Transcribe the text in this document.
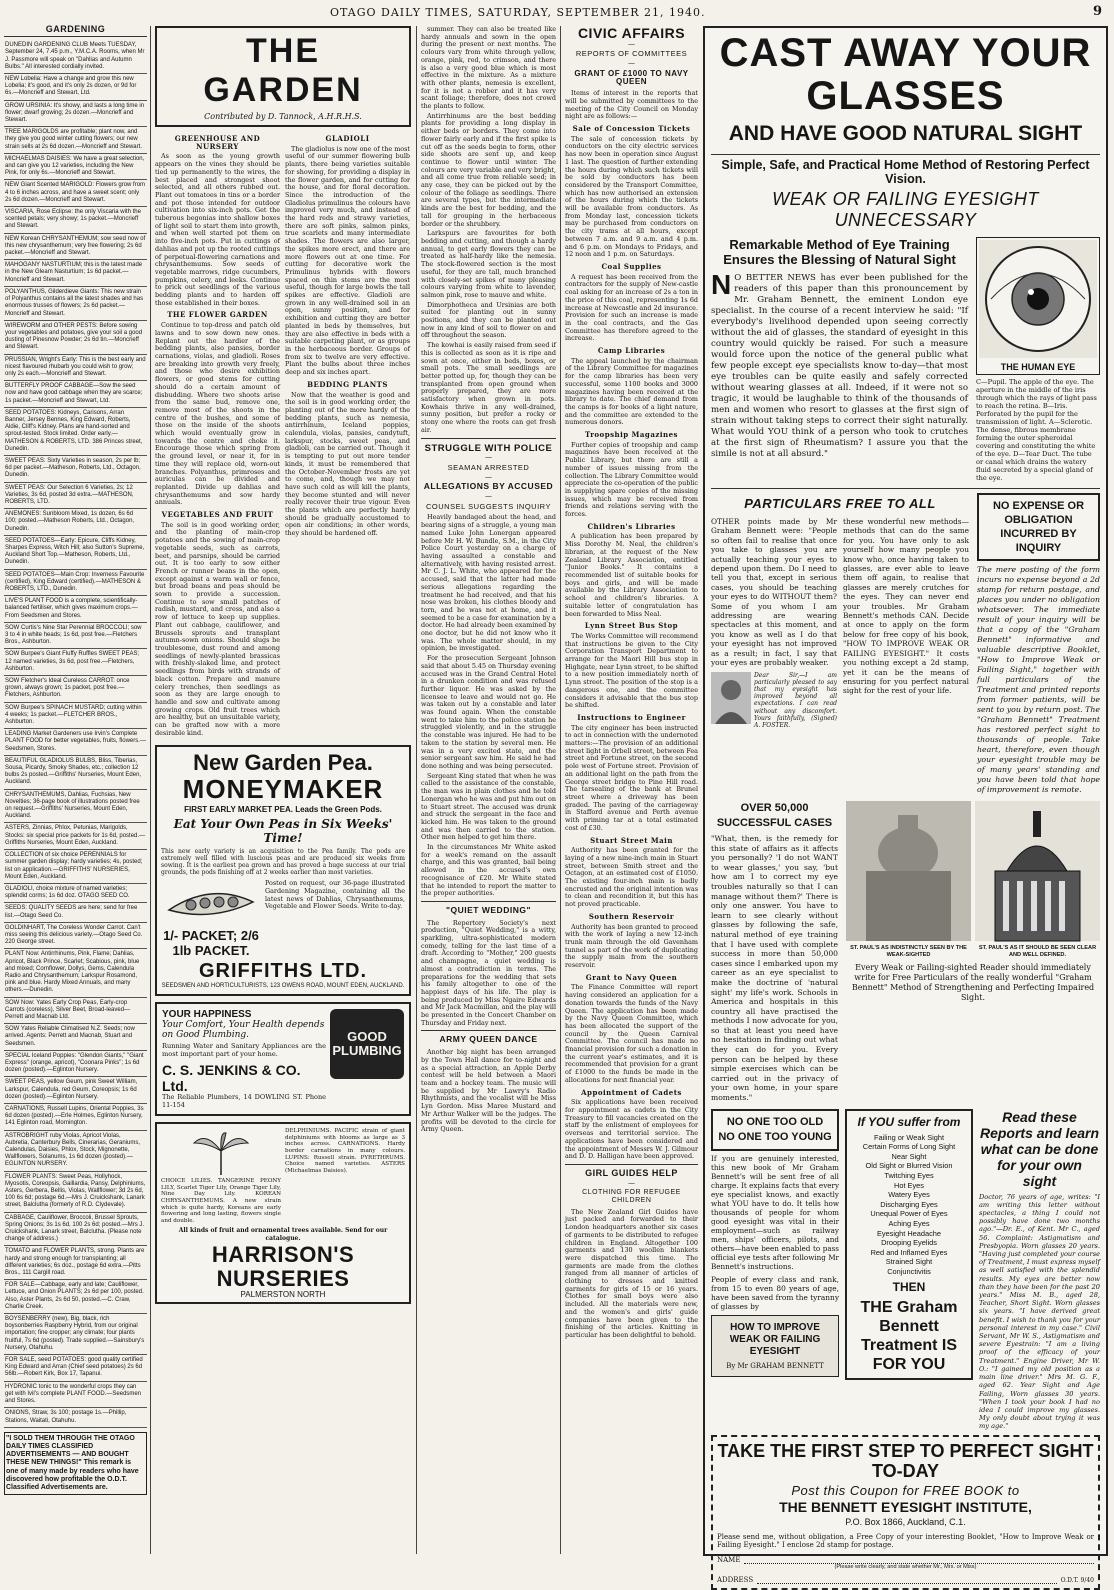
OTAGO DAILY TIMES, SATURDAY, SEPTEMBER 21, 1940.	9
GARDENING
DUNEDIN GARDENING CLUB Meets TUESDAY, September 24, 7.45 p.m., Y.M.C.A. Rooms, when Mr J. Passmore will speak on "Dahlias and Autumn Bulbs." All interested cordially invited.
NEW Lobelia: Have a change and grow this new Lobelia; it's good, and it's only 2s dozen, or 9d for 6s.—Moncrieff and Stewart, Ltd.
GROW URSINIA: It's showy, and lasts a long time in flower; dwarf growing; 2s dozen.—Moncrieff and Stewart.
TREE MARIGOLDS are profitable; plant now, and they give you good winter cutting flowers; our new strain sells at 2s 6d dozen.—Moncrieff and Stewart.
MICHAELMAS DAISIES: We have a great selection, and can give you 12 varieties, including the New Pink, for only 6s.—Moncrieff and Stewart.
NEW Giant Scented MARIGOLD: Flowers grow from 4 to 6 inches across, and have a sweet scent; only 2s 6d dozen.—Moncrieff and Stewart.
VISCARIA, Rose Eclipse: the only Viscaria with the scented petals; very showy; 1s packet.—Moncrieff and Stewart.
NEW Korean CHRYSANTHEMUM; sow seed now of this new chrysanthemum; very free flowering; 2s 6d packet.—Moncrieff and Stewart.
MAHOGANY NASTURTIUM; this is the latest made in the New Gleam Nasturtium; 1s 6d packet.—Moncrieff and Stewart.
POLYANTHUS, Gilderdieve Giants: This new strain of Polyanthus contains all the latest shades and has enormous trusses of flowers; 2s 6d packet.—Moncrieff and Stewart.
WIREWORM and OTHER PESTS: Before sowing your vegetables and potatoes, give your soil a good dusting of Pinesnow Powder; 2s 6d tin.—Moncrieff and Stewart.
PRUSSIAN, Wright's Early: This is the best early and nicest flavoured rhubarb you could wish to grow; only 2s each.—Moncrieff and Stewart.
BUTTERFLY PROOF CABBAGE—Sow the seed now and have good cabbage when they are scarce; 1s packet.—Moncrieff and Stewart, Ltd.
SEED POTATOES: Kidneys, Carisons, Arran Banner, Jersey Bennes, King Edward, Roberts, Aldie, Cliff's Kidney. Plans are hand-sorted and sprout-tested. Stock limited. Order early.—MATHESON & ROBERTS, LTD. 386 Princes street, Dunedin.
SWEET PEAS: Sixty Varieties in season, 2s per lb; 6d per packet.—Matheson, Roberts, Ltd., Octagon, Dunedin.
SWEET PEAS: Our Selection 6 Varieties, 2s; 12 Varieties, 3s 6d, posted 3d extra.—MATHESON, ROBERTS, LTD.
ANEMONES: Sunbloom Mixed, 1s dozen, 6s 6d 100; posted.—Matheson Roberts, Ltd., Octagon, Dunedin.
SEED POTATOES—Early: Epicure, Cliffs Kidney, Sharpes Express, Witch Hill; also Sutton's Supreme, Auckland Short Top.—Matheson, Roberts, Ltd., Dunedin.
SEED POTATOES—Main Crop: Inverness Favourite (certified), King Edward (certified).—MATHESON & ROBERTS, LTD., Dunedin.
LIVE'S PLANT FOOD is a complete, scientifically-balanced fertiliser, which gives maximum crops.—From Seedsmen and Stores.
SOW Curtis's Nine Star Perennial BROCCOLI; sow 3 to 4 in white heads; 1s 6d, post free.—Fletchers Bros., Ashburton.
SOW Burpee's Giant Fluffy Ruffles SWEET PEAS; 12 named varieties, 3s 6d, post free.—Fletchers, Ashburton.
SOW Fletcher's Ideal Cureless CARROT: once grown, always grown; 1s packet, post free.—Fletchers, Ashburton.
SOW Burpee's SPINACH MUSTARD; cutting within 4 weeks; 1s packet.—FLETCHER BROS., Ashburton.
LEADING Market Gardeners use Irvin's Complete PLANT FOOD for better vegetables, fruits, flowers.—Seedsmen, Stores.
BEAUTIFUL GLADIOLUS BULBS, Bliss, Tiberias, Sousa, Picardy, Smoky Shades, etc.; collection 12 bulbs 2s posted.—Griffiths' Nurseries, Mount Eden, Auckland.
CHRYSANTHEMUMS, Dahlias, Fuchsias, New Novelties; 36-page book of illustrations posted free on request.—Griffiths' Nurseries, Mount Eden, Auckland.
ASTERS, Zinnias, Phlox, Petunias, Marigolds, Stocks: six special price packets for 1s 6d, posted.—Griffiths Nurseries, Mount Eden, Auckland.
COLLECTION of six choice PERENNIALS for summer garden display; hardy varieties; 4s, posted; list on application.—GRIFFITHS' NURSERIES, Mount Eden, Auckland.
GLADIOLI, choice mixture of named varieties; splendid corms; 1s 6d doz. OTAGO SEED CO.
SEEDS: QUALITY SEEDS are here; send for free list.—Otago Seed Co.
GOLDINHART, The Coreless Wonder Carrot. Can't miss seeing this delicious variety.—Otago Seed Co. 220 George street.
PLANT Now: Antirrhinums, Pink, Flame; Dahlias, Apricot, Black Prince, Scarlet; Scabious, pink, blue and mixed; Cornflower, Dollys, Gems, Calendula Radio and Chrysanthemum; Larkspur Rosamond, pink and blue. Hardy Mixed Annuals, and many others.—Dunedin.
SOW Now: Yates Early Crop Peas, Early-crop Carrots (coreless), Silver Beet, Broad-leaved—Perrett and Macnab Ltd.
SOW Yates Reliable Climatised N.Z. Seeds; now arrived. Agents: Perrett and Macnab, Stuart and Seedsmen.
SPECIAL Iceland Poppies: "Glendon Giants," "Giant Express" (orange, apricot), "Coonara Pinks"; 1s 6d dozen (posted).—Eglinton Nursery.
SWEET PEAS, yellow Geum, pink Sweet William, Larkspur, Calendula, red Geum, Coreopsis; 1s 6d dozen (posted).—Eglinton Nursery.
CARNATIONS, Russell Lupins, Oriental Poppies, 3s 6d dozen (posted).—Erle Holmes, Eglinton Nursery, 141 Eglinton road, Mornington.
ASTROBRIGHT ruby Violas, Apricot Violas, Aubretia, Canterbury Bells, Cinerarias, Geraniums, Calendulas, Daisies, Phlox, Stock, Mignonette, Wallflowers, Solanums, 1s 6d dozen (posted).—EGLINTON NURSERY.
FLOWER PLANTS: Sweet Peas, Hollyhock, Myosotis, Coreopsis, Gaillardia, Pansy, Delphiniums, Asters, Gerbera, Bellis, Violas, Wallflower; 3d 2s 6d, 100 6s 6d; postage 6d.—Mrs J. Cruickshank, Lanark street, Balclutha (formerly of R.D. Clydevale).
CABBAGE, Cauliflower, Broccoli, Brussel Sprouts, Spring Onions; 3s 1s 6d, 100 2s 6d; posted.—Mrs J. Cruickshank, Lanark street, Balclutha. (Please note change of address.)
TOMATO and FLOWER PLANTS, strong. Plants are hardy and strong enough for transplanting; all different varieties; 6s doz., postage 6d extra.—Pitts Bros., 111 Cargill road.
FOR SALE—Cabbage, early and late; Cauliflower, Lettuce, and Onion PLANTS; 2s 6d per 100, posted. Also, Aster Plants, 2s 6d 50, posted.—C. Craw, Charlie Creek.
BOYSENBERRY (new), Big, black, rich boysonberries Raspberry Hybrid, from our original importation; fine cropper; any climate; four plants fruitful, 7s 6d (posted). Trade supplied.—Sainsbury's Nursery, Otahuhu.
FOR SALE, seed POTATOES: good quality certified King Edward and Arran (Chief seed potatoes) 2s 6d 56lb.—Robert Kirk, Box 17, Tapanui.
HYDRONIC tonic to the wonderful crops they can get with Ivil's complete PLANT FOOD.—Seedsmen and Stores.
ONIONS, Straw, 3s 100; postage 1s.—Phillip, Stations, Waitati, Otahuhu.
"I SOLD THEM THROUGH THE OTAGO DAILY TIMES CLASSIFIED ADVERTISEMENTS — AND BOUGHT THESE NEW THINGS!" This remark is one of many made by readers who have discovered how profitable the O.D.T. Classified Advertisements are.
THE GARDEN
Contributed by D. Tannock, A.H.R.H.S.
GREENHOUSE AND NURSERY

As soon as the young growth appears on the vines they should be tied up permanently to the wires, the best placed and strongest shoot selected, and all others rubbed out. Plant out tomatoes in tins or a border and pot those intended for outdoor cultivation into six-inch pots. Get the tuberous begonias into shallow boxes of light soil to start them into growth, and when well started pot them on into five-inch pots. Put in cuttings of dahlias and pot up the rooted cuttings of perpetual-flowering carnations and chrysanthemums. Sow seeds of vegetable marrows, ridge cucumbers, pumpkins, celery, and leeks. Continue to prick out seedlings of the various bedding plants and to harden off those established in their boxes.

THE FLOWER GARDEN

Continue to top-dress and patch old lawns and to sow down new ones. Replant out the hardier of the bedding plants, also pansies, border carnations, violas, and gladioli. Roses are breaking into growth very freely, and those who desire exhibition flowers, or good stems for cutting should do a certain amount of disbudding. Where two shoots arise from the same bud, remove one, remove most of the shoots in the centre of the bushes, and some of those on the inside of the shoots which would eventually grow in towards the centre and choke it. Encourage those which spring from the ground level, or near it, for in time they will replace old, worn-out branches. Polyanthus, primroses and auriculas can be divided and replanted. Divide up dahlias and chrysanthemums and sow hardy annuals.

VEGETABLES AND FRUIT

The soil is in good working order, and the planting of main-crop potatoes and the sowing of main-crop vegetable seeds, such as carrots, beet, and parsnips, should be carried out. It is too early to sow either French or runner beans in the open, except against a warm wall or fence, but broad beans and peas should be sown to provide a succession. Continue to sow small patches of radish, mustard, and cress, and also a row of lettuce to keep up supplies. Plant out cabbage, cauliflower, and Brussels sprouts and transplant autumn-sown onions. Should slugs be troublesome, dust round and among seedlings of newly-planted brassicas with freshly-slaked lime, and protect seedlings from birds with strands of black cotton. Prepare and manure celery trenches, then seedlings as soon as they are large enough to handle and sow and cultivate among growing crops. Old fruit trees which are healthy, but an unsuitable variety, can be grafted now with a more desirable kind.

GLADIOLI

The gladiolus is now one of the most useful of our summer flowering bulb plants, there being varieties suitable for showing, for providing a display in the flower garden, and for cutting for the house, and for floral decoration. Since the introduction of the Gladiolus primulinus the colours have improved very much, and instead of the hard reds and strawy varieties, there are soft pinks, salmon pinks, true scarlets and many intermediate shades. The flowers are also larger, the spikes more erect, and there are more flowers out at one time. For cutting for decorative work the Primulinus hybrids with flowers spaced on thin stems are the most useful, though for large bowls the tall spikes are effective. Gladioli are grown in any well-drained soil in an open, sunny position, and for exhibition and cutting they are better planted in beds by themselves, but they are also effective in beds with a suitable carpeting plant, or as groups in the herbaceous border. Groups of from six to twelve are very effective. Plant the bulbs about three inches deep and six inches apart.

BEDDING PLANTS

Now that the weather is good and the soil is in good working order, the planting out of the more hardy of the bedding plants, such as nemesia, antirrhinum, Iceland poppies, calendula, violas, pansies, candytuft, larkspur, stocks, sweet peas, and gladioli, can be carried out. Though it is tempting to put out more tender kinds, it must be remembered that the October-November frosts are yet to come, and, though we may not have such cold as will kill the plants, they become stunted and will never really recover their true vigour. Even the plants which are perfectly hardy should be gradually accustomed to open air conditions; in other words, they should be hardened off.

New Garden Pea.
MONEYMAKER
FIRST EARLY MARKET PEA. Leads the Green Pods.
Eat Your Own Peas in Six Weeks' Time!
This new early variety is an acquisition to the Pea family. The pods are extremely well filled with luscious peas and are produced six weeks from sowing. It is the earliest pea grown and has proved a huge success at our trial grounds, the pods finishing off at 2 weeks earlier than most varieties.
1/- PACKET; 2/6 1lb PACKET.
Posted on request, our 36-page illustrated Gardening Magazine, containing all the latest news of Dahlias, Chrysanthemums, Vegetable and Flower Seeds. Write to-day.
GRIFFITHS LTD.
SEEDSMEN AND HORTICULTURISTS, 123 OWENS ROAD, MOUNT EDEN, AUCKLAND.
YOUR HAPPINESS
Your Comfort, Your Health depends on Good Plumbing.
Running Water and Sanitary Appliances are the most important part of your home.
C. S. JENKINS & CO. Ltd.
The Reliable Plumbers, 14 DOWLING ST. Phone 11-154
GOOD PLUMBING
CHOICE LILIES. TANGERINE PEONY LILY, Scarlet Tiger Lily, Orange Tiger Lily, Nine Day Lily. KOREAN CHRYSANTHEMUMS. A new strain which is quite hardy, Koreans are early flowering and long lasting, flowers single and double.
DELPHINIUMS. PACIFIC strain of giant delphiniums with blooms as large as 3 inches across. CARNATIONS. Hardy border carnations in many colours. LUPINS: Russell strain. PYRETHRUMS. Choice named varieties. ASTERS (Michaelmas Daisies).
All kinds of fruit and ornamental trees available. Send for our catalogue.
HARRISON'S NURSERIES
PALMERSTON NORTH

summer. They can also be treated like hardy annuals and sown in the open during the present or next months. The colours vary from white through yellow, orange, pink, red, to crimson, and there is also a very good blue which is most effective in the mixture. As a mixture with other plants, nemesia is excellent, for it is not a robber and it has very scant foliage; therefore, does not crowd the plants to follow.

Antirrhinums are the best bedding plants for providing a long display in either beds or borders. They come into flower fairly early and if the first spike is cut off as the seeds begin to form, other side shoots are sent up, and keep continue to flower until winter. The colours are very variable and very bright, and all come true from reliable seed; in any case, they can be picked out by the colour of the foliage as seedlings. There are several types, but the intermediate kinds are the best for bedding, and the tall for grouping in the herbaceous border or the shrubbery.

Larkspurs are favourites for both bedding and cutting, and though a hardy annual, to get early flowers they can be treated as half-hardy like the nemesia. The stock-flowered section is the most useful, for they are tall, much branched with closely-set spikes of many pleasing colours varying from white to lavender, salmon pink, rose to mauve and white.

Dimorphotheca and Ursinias are both suited for planting out in sunny positions, and they can be planted out now in any kind of soil to flower on and off throughout the season.

The kowhai is easily raised from seed if this is collected as soon as it is ripe and sown at once, either in beds, boxes, or small pots. The small seedlings are better potted up, for, though they can be transplanted from open ground when properly prepared, they are more satisfactory when grown in pots. Kowhais thrive in any well-drained, sunny position, but prefer a rocky or stony one where the roots can get fresh air.

STRUGGLE WITH POLICE
—
SEAMAN ARRESTED
—
ALLEGATIONS BY ACCUSED
—
COUNSEL SUGGESTS INQUIRY

Heavily bandaged about the head, and bearing signs of a struggle, a young man named Luke John Lonergan appeared before Mr H. W. Bundle, S.M., in the City Police Court yesterday on a charge of having assaulted a constable and alternatively, with having resisted arrest. Mr C. J. L. White, who appeared for the accused, said that the latter had made serious allegations regarding the treatment he had received, and that his nose was broken, his clothes bloody and torn, and he was not at home, and it seemed to be a case for examination by a doctor. He had already been examined by one doctor, but he did not know who it was. The whole matter should, in my opinion, be investigated.

For the prosecution Sergeant Johnson said that about 5.45 on Thursday evening accused was in the Grand Central Hotel in a drunken condition and was refused further liquor. He was asked by the licensee to leave and would not go. He was taken out by a constable and later was found again. When the constable went to take him to the police station he struggled violently, and in the struggle the constable was injured. He had to be taken to the station by several men. He was in a very excited state, and the senior sergeant saw him. He said he had done nothing and was being persecuted.

Sergeant King stated that when he was called to the assistance of the constable, the man was in plain clothes and he told Lonergan who he was and put him out on to Stuart street. The accused was drunk and struck the sergeant in the face and kicked him. He was taken to the ground and was then carried to the station. Other men helped to get him there.

In the circumstances Mr White asked for a week's remand on the assault charge, and this was granted, bail being allowed in the accused's own recognisance of £20. Mr White stated that he intended to report the matter to the proper authorities.

"QUIET WEDDING"

The Repertory Society's next production, "Quiet Wedding," is a witty, sparkling, ultra-sophisticated modern comedy, telling for the last time of a draft. According to "Mother," 200 guests and champagne, a quiet wedding is almost a contradiction in terms. The preparations for the wedding that sets his family altogether to one of the happiest days of his life. The play is being produced by Miss Ngaire Edwards and Mr Jack Macmillan, and the play will be presented in the Concert Chamber on Thursday and Friday next.

ARMY QUEEN DANCE

Another big night has been arranged by the Town Hall dance for to-night and as a special attraction, an Apple Derby contest will be held between a Maori team and a hockey team. The music will be supplied by Mr Lawry's Radio Rhythmists, and the vocalist will be Miss Lyn Gordon. Miss Maree Mustard and Mr Arthur Walker will be the judges. The profits will be devoted to the circle for Army Queen.

CIVIC AFFAIRS
—
REPORTS OF COMMITTEES
—
GRANT OF £1000 TO NAVY QUEEN

Items of interest in the reports that will be submitted by committees to the meeting of the City Council on Monday night are as follows:—

Sale of Concession Tickets

The sale of concession tickets by conductors on the city electric services has now been in operation since August 1 last. The question of further extending the hours during which such tickets will be sold by conductors has been considered by the Transport Committee, which has now authorised an extension of the hours during which the tickets will be available from conductors. As from Monday last, concession tickets may be purchased from conductors on the city trams at all hours, except between 7 a.m. and 9 a.m. and 4 p.m. and 6 p.m. on Mondays to Fridays, and 12 noon and 1 p.m. on Saturdays.

Coal Supplies

A request has been received from the contractors for the supply of New-castle coal asking for an increase of 2s a ton in the price of this coal, representing 1s 6d increase at Newcastle and 2d insurance. Provision for such an increase is made in the coal contracts, and the Gas Committee has therefore agreed to the increase.

Camp Libraries

The appeal launched by the chairman of the Library Committee for magazines for the camp libraries has been very successful, some 1100 books and 3000 magazines having been received at the library to date. The chief demand from the camps is for books of a light nature, and the committee are extended to the numerous donors.

Troopship Magazines

Further copies of troopship and camp magazines have been received at the Public Library, but there are still a number of issues missing from the collection. The Library Committee would appreciate the co-operation of the public in supplying spare copies of the missing issues, which may be received from friends and relations serving with the forces.

Children's Libraries

A publication has been prepared by Miss Dorothy M. Neal, the children's librarian, at the request of the New Zealand Library Association, entitled "Junior Books." It contains a recommended list of suitable books for boys and girls, and will be made available by the Library Association to school and children's libraries. A suitable letter of congratulation has been forwarded to Miss Neal.

Lynn Street Bus Stop

The Works Committee will recommend that instructions be given to the City Corporation Transport Department to arrange for the Maori Hill bus stop in Highgate, near Lynn street, to be shifted to a new position immediately north of Lynn street. The position of the stop is a dangerous one, and the committee considers it advisable that the bus stop be shifted.

Instructions to Engineer

The city engineer has been instructed to act in connection with the undernoted matters:—The provision of an additional street light in Orbell street, between Fea street and Fortune street, on the second pole west of Fortune street. Provision of an additional light on the path from the George street bridge to Pine Hill road. The tarsealing of the bank at Brunel street where a driveway has been graded. The paving of the carriageway in Stafford avenue and Perth avenue with priming tar at a total estimated cost of £30.

Stuart Street Main

Authority has been granted for the laying of a new nine-inch main in Stuart street, between Smith street and the Octagon, at an estimated cost of £1050. The existing four-inch main is badly encrusted and the original intention was to clean and recondition it, but this has not proved practicable.

Southern Reservoir

Authority has been granted to proceed with the work of laying a new 12-inch trunk main through the old Gavenham tunnel as part of the work of duplicating the supply main from the southern reservoir.

Grant to Navy Queen

The Finance Committee will report having considered an application for a donation towards the funds of the Navy Queen. The application has been made by the Navy Queen Committee, which has been allocated the support of the council by the Queen Carnival Committee. The council has made no financial provision for such a donation in the current year's estimates, and it is recommended that provision for a grant of £1000 to the funds be made in the allocations for next financial year.

Appointment of Cadets

Six applications have been received for appointment as cadets in the City Treasury to fill vacancies created on the staff by the enlistment of employees for overseas and territorial service. The applications have been considered and the appointment of Messrs W. J. Gilmour and D. D. Halligan have been approved.

GIRL GUIDES HELP
—
CLOTHING FOR REFUGEE CHILDREN

The New Zealand Girl Guides have just packed and forwarded to their London headquarters another six cases of garments to be distributed to refugee children in England. Altogether 100 garments and 130 woollen blankets were dispatched this time. The garments are made from the clothes ranged from all manner of articles of clothing to dresses and knitted garments for girls of 15 or 16 years. Clothes for small boys were also included. All the materials were new, and the women's and girls' guide companies have been given to the finishing of the articles. Knitting in particular has been delightful to behold.

CAST AWAY YOUR GLASSES
AND HAVE GOOD NATURAL SIGHT
Simple, Safe, and Practical Home Method of Restoring Perfect Vision.
WEAK OR FAILING EYESIGHT UNNECESSARY
Remarkable Method of Eye Training Ensures the Blessing of Natural Sight
N O BETTER NEWS has ever been published for the readers of this paper than this pronouncement by Mr. Graham Bennett, the eminent London eye specialist. In the course of a recent interview he said: "If everybody's livelihood depended upon seeing correctly without the aid of glasses, the standard of eyesight in this country would quickly be raised. For such a measure would force upon the notice of the general public what few people except eye specialists know to-day—that most eye troubles can be quite easily and safely corrected without wearing glasses at all. Indeed, if it were not so tragic, it would be laughable to think of the thousands of men and women who resort to glasses at the first sign of strain without taking steps to correct their sight naturally. What would YOU think of a person who took to crutches at the first sign of Rheumatism? I assure you that the simile is not at all absurd."
THE HUMAN EYE
C—Pupil. The apple of the eye. The aperture in the middle of the iris through which the rays of light pass to reach the retina. B—Iris. Perforated by the pupil for the transmission of light. A—Sclerotic. The dense, fibrous membrane forming the outer spheroidal covering and constituting the white of the eye. D—Tear Duct. The tube or canal which drains the watery fluid secreted by a special gland of the eye.
PARTICULARS FREE TO ALL
OTHER points made by Mr Graham Bennett were: "People so often fail to realise that once you take to glasses you are actually teaching your eyes to depend upon them. Do I need to tell you that, except in serious cases, you should be teaching your eyes to do WITHOUT them? Some of you whom I am addressing are wearing spectacles at this moment, and you know as well as I do that your eyesight has not improved as a result; in fact, I say that your eyes are probably weaker.
Dear Sir,—I am particularly pleased to say that my eyesight has improved beyond all expectations. I can read without any discomfort. Yours faithfully, (Signed) A. FOSTER.
these wonderful new methods—methods that can do the same for you. You have only to ask yourself how many people you know who, once having taken to glasses, are ever able to leave them off again, to realise that glasses are merely crutches for the eyes. They can never end your troubles. Mr Graham Bennett's methods CAN. Decide at once to apply on the form below for free copy of his book, "HOW TO IMPROVE WEAK OR FAILING EYESIGHT." It costs you nothing except a 2d stamp, yet it can be the means of ensuring for you perfect natural sight for the rest of your life.
NO EXPENSE OR OBLIGATION INCURRED BY INQUIRY
The mere posting of the form incurs no expense beyond a 2d stamp for return postage, and places you under no obligation whatsoever. The immediate result of your inquiry will be that a copy of the "Graham Bennett" informative and valuable descriptive Booklet, "How to Improve Weak or Failing Sight," together with full particulars of the Treatment and printed reports from former patients, will be sent to you by return post. The "Graham Bennett" Treatment has restored perfect sight to thousands of people. Take heart, therefore, even though your eyesight trouble may be of many years' standing and you have been told that hope of improvement is remote.
OVER 50,000 SUCCESSFUL CASES
"What, then, is the remedy for this state of affairs as it affects you personally? 'I do not WANT to wear glasses,' you say, 'but how am I to correct my eye troubles naturally so that I can manage without them?' There is only one answer. You have to learn to see clearly without glasses by following the safe, natural method of eye training that I have used with complete success in more than 50,000 cases since I embarked upon my career as an eye specialist to make the doctrine of 'natural sight' my life's work. Schools in America and hospitals in this country all have practised the methods I now advocate for you, so that at least you need have no hesitation in finding out what they can do for you. Every person can be helped by these simple exercises which can be carried out in the privacy of your own home, in your spare moments."
ST. PAUL'S AS INDISTINCTLY SEEN BY THE WEAK-SIGHTED
ST. PAUL'S AS IT SHOULD BE SEEN CLEAR AND WELL DEFINED.
Every Weak or Failing-sighted Reader should immediately write for Free Particulars of the really wonderful "Graham Bennett" Method of Strengthening and Perfecting Impaired Sight.
NO ONE TOO OLD
NO ONE TOO YOUNG
If you are genuinely interested, this new book of Mr Graham Bennett's will be sent free of all charge. It explains facts that every eye specialist knows, and exactly what YOU have to do. It tells how thousands of people for whom good eyesight was vital in their employment—such as railway men, ships' officers, pilots, and others—have been enabled to pass official eye tests after following Mr Bennett's instructions.
People of every class and rank, from 15 to even 80 years of age, have been saved from the tyranny of glasses by
HOW TO IMPROVE WEAK OR FAILING EYESIGHT
By Mr GRAHAM BENNETT
If YOU suffer from
Failing or Weak Sight
Certain Forms of Long Sight
Near Sight
Old Sight or Blurred Vision
Twitching Eyes
Hot Eyes
Watery Eyes
Discharging Eyes
Unequal Power of Eyes
Aching Eyes
Eyesight Headache
Drooping Eyelids
Red and Inflamed Eyes
Strained Sight
Conjunctivitis
THEN
THE Graham Bennett Treatment IS FOR YOU
Read these Reports and learn what can be done for your own sight
Doctor, 76 years of age, writes: "I am writing this letter without spectacles, a thing I could not possibly have done two months ago."—Dr. E., of Kent. Mr C., aged 56. Complaint: Astigmatism and Presbyopia. Worn glasses 20 years. "Having just completed your course of Treatment, I must express myself as well satisfied with the splendid results. My eyes are better now than they have been for the past 20 years." Miss M. B., aged 28, Teacher, Short Sight. Worn glasses six years. "I have derived great benefit. I wish to thank you for your personal interest in my case." Civil Servant, Mr W. S., Astigmatism and severe Eyestrain: "I am a living proof of the efficacy of your Treatment." Engine Driver, Mr W. O.: "I gained my old position as a main line driver." Mrs M. G. F., aged 62. Year Sight and Age Failing, Worn glasses 30 years. "When I took your book I had no idea I could improve my glasses. My only doubt about trying it was my age."
TAKE THE FIRST STEP TO PERFECT SIGHT TO-DAY
Post this Coupon for FREE BOOK to
THE BENNETT EYESIGHT INSTITUTE,
P.O. Box 1866, Auckland, C.1.
Please send me, without obligation, a Free Copy of your interesting Booklet, "How to Improve Weak or Failing Eyesight." I enclose 2d stamp for postage.
NAME
(Please write clearly, and state whether Mr., Mrs. or Miss)
ADDRESS	O.D.T. 9/40
